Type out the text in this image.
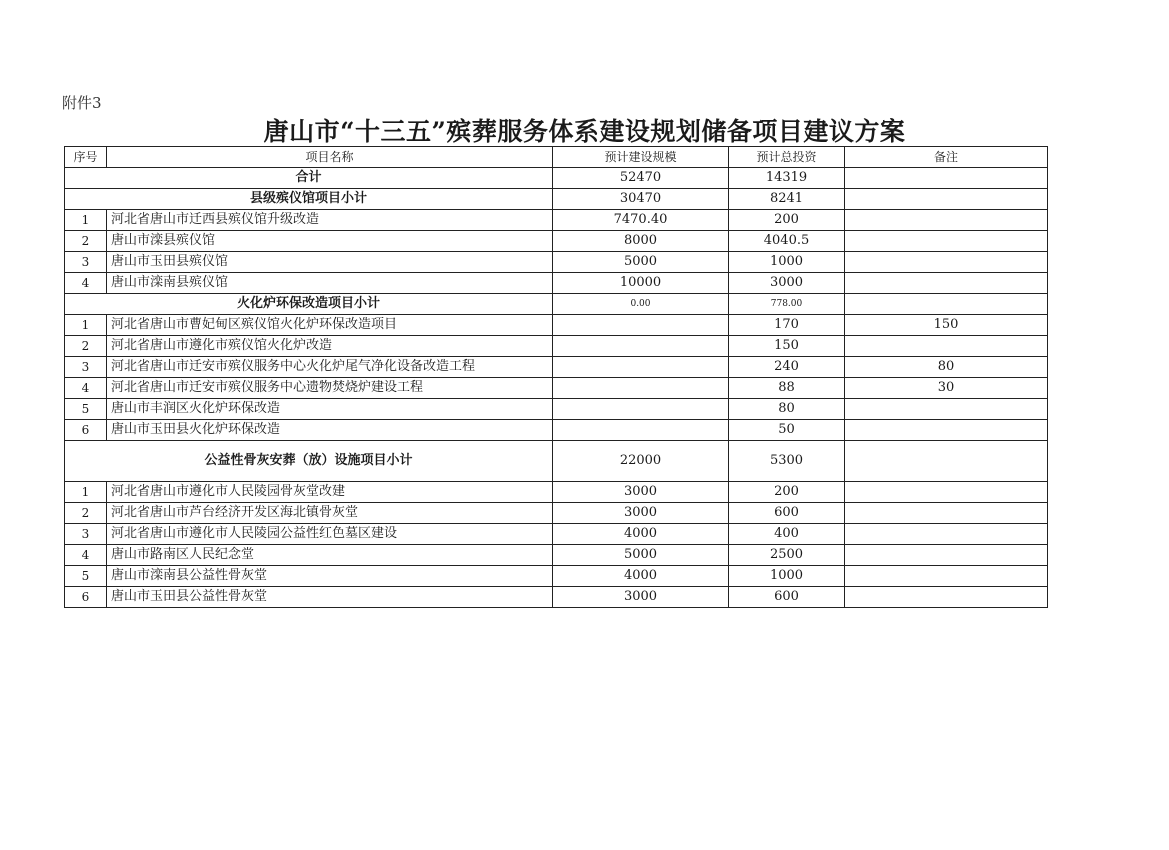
附件3
唐山市“十三五”殡葬服务体系建设规划储备项目建议方案
序号	项目名称	预计建设规模	预计总投资	备注
合计		52470	14319	
县级殡仪馆项目小计		30470	8241	
1	河北省唐山市迁西县殡仪馆升级改造	7470.40	200	
2	唐山市滦县殡仪馆	8000	4040.5	
3	唐山市玉田县殡仪馆	5000	1000	
4	唐山市滦南县殡仪馆	10000	3000	
火化炉环保改造项目小计		0.00	778.00	
1	河北省唐山市曹妃甸区殡仪馆火化炉环保改造项目		170	150
2	河北省唐山市遵化市殡仪馆火化炉改造		150	
3	河北省唐山市迁安市殡仪服务中心火化炉尾气净化设备改造工程		240	80
4	河北省唐山市迁安市殡仪服务中心遗物焚烧炉建设工程		88	30
5	唐山市丰润区火化炉环保改造		80	
6	唐山市玉田县火化炉环保改造		50	
公益性骨灰安葬（放）设施项目小计		22000	5300	
1	河北省唐山市遵化市人民陵园骨灰堂改建	3000	200	
2	河北省唐山市芦台经济开发区海北镇骨灰堂	3000	600	
3	河北省唐山市遵化市人民陵园公益性红色墓区建设	4000	400	
4	唐山市路南区人民纪念堂	5000	2500	
5	唐山市滦南县公益性骨灰堂	4000	1000	
6	唐山市玉田县公益性骨灰堂	3000	600	
